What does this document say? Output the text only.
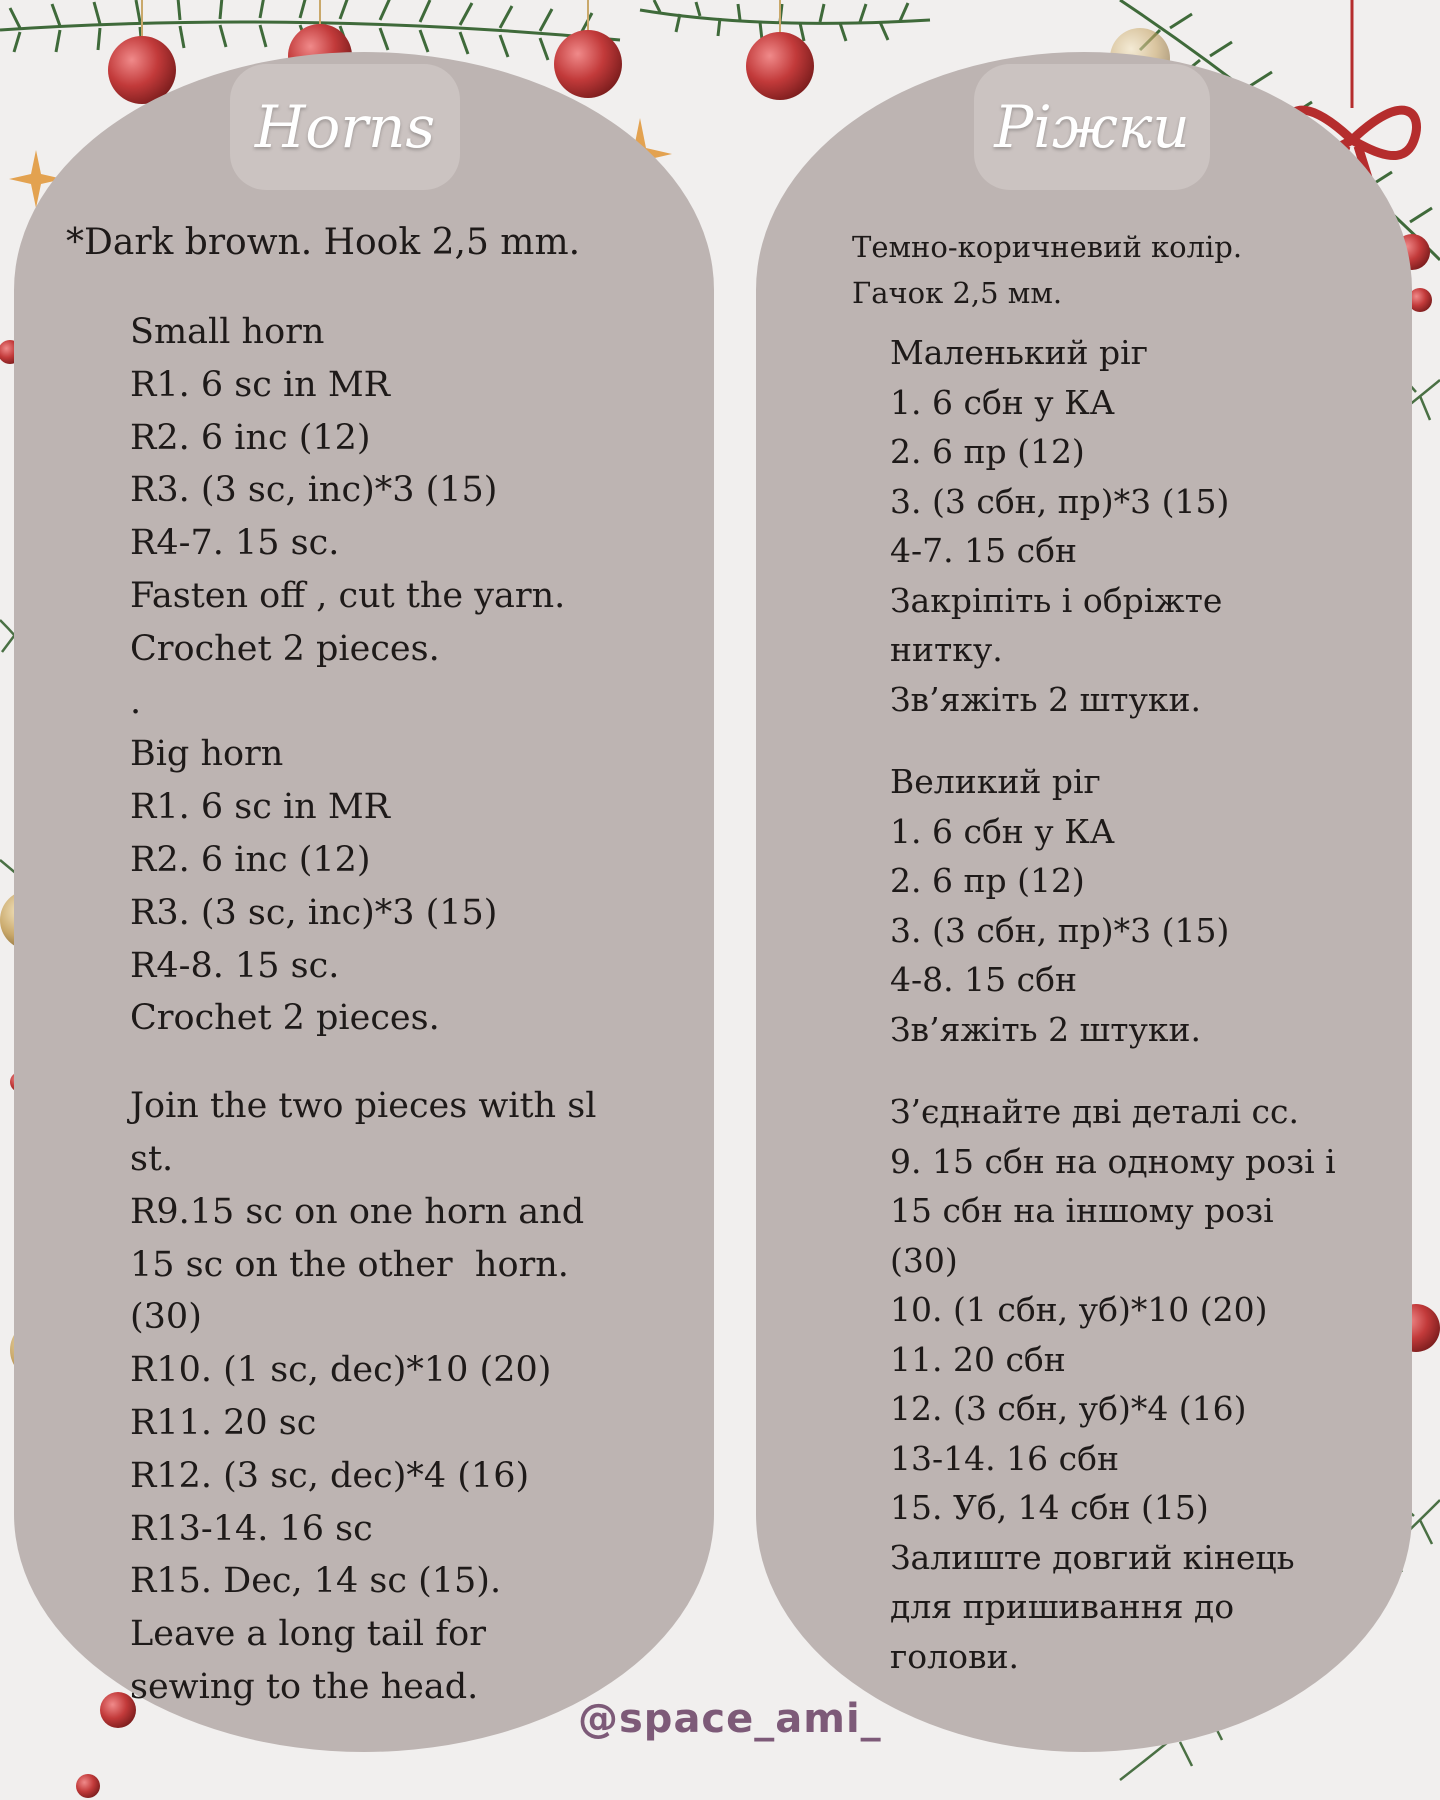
Horns	Ріжки
*Dark brown. Hook 2,5 mm.
Small horn
R1. 6 sc in MR
R2. 6 inc (12)
R3. (3 sc, inc)*3 (15)
R4-7. 15 sc.
Fasten off , cut the yarn.
Crochet 2 pieces.
.
Big horn
R1. 6 sc in MR
R2. 6 inc (12)
R3. (3 sc, inc)*3 (15)
R4-8. 15 sc.
Crochet 2 pieces.
Join the two pieces with sl
st.
R9.15 sc on one horn and
15 sc on the other  horn.
(30)
R10. (1 sc, dec)*10 (20)
R11. 20 sc
R12. (3 sc, dec)*4 (16)
R13-14. 16 sc
R15. Dec, 14 sc (15).
Leave a long tail for
sewing to the head.
Темно-коричневий колір.
Гачок 2,5 мм.
Маленький ріг
1. 6 сбн у КА
2. 6 пр (12)
3. (3 сбн, пр)*3 (15)
4-7. 15 сбн
Закріпіть і обріжте
нитку.
Зв’яжіть 2 штуки.
Великий ріг
1. 6 сбн у КА
2. 6 пр (12)
3. (3 сбн, пр)*3 (15)
4-8. 15 сбн
Зв’яжіть 2 штуки.
З’єднайте дві деталі сс.
9. 15 сбн на одному розі і
15 сбн на іншому розі
(30)
10. (1 сбн, уб)*10 (20)
11. 20 сбн
12. (3 сбн, уб)*4 (16)
13-14. 16 сбн
15. Уб, 14 сбн (15)
Залиште довгий кінець
для пришивання до
голови.
@space_ami_
